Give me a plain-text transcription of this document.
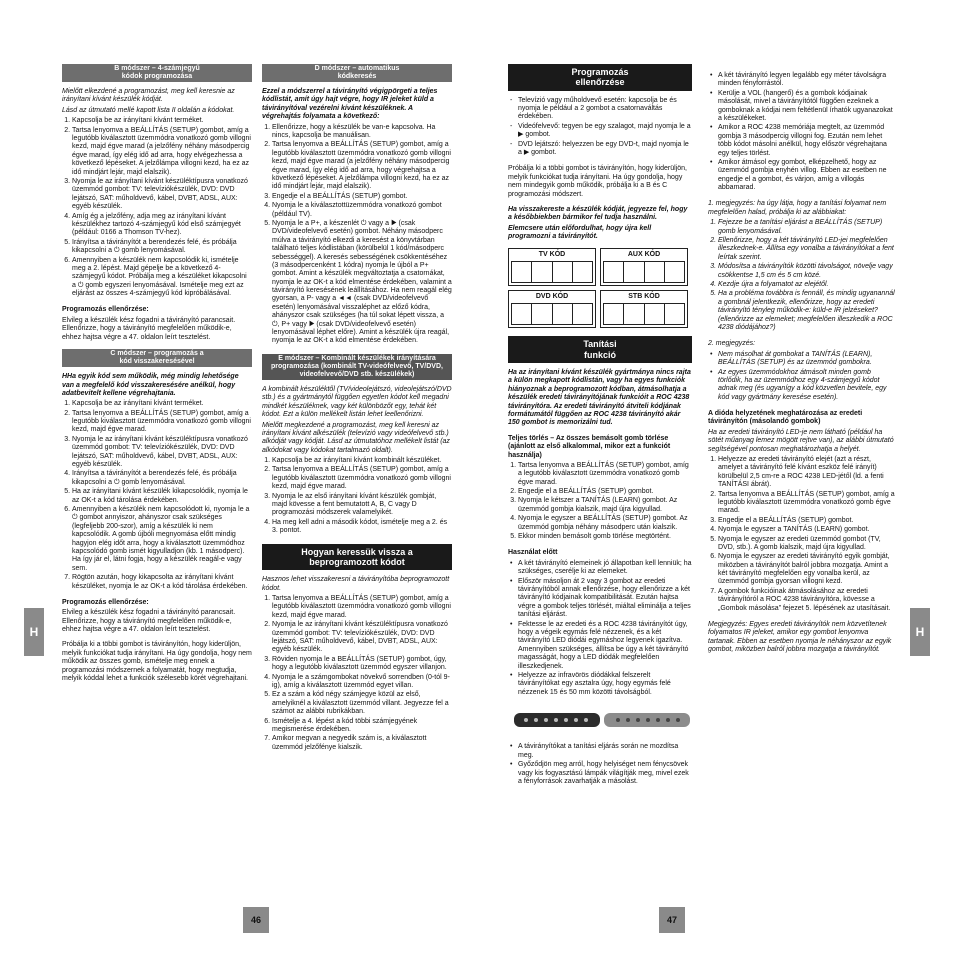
H	H
46	47
B módszer – 4-számjegyű
kódok programozása

Mielőtt elkezdené a programozást, meg kell keresnie az irányítani kívánt készülék kódját.

Lásd az útmutató mellé kapott lista II oldalán a kódokat.

1. Kapcsolja be az irányítani kívánt terméket.
2. Tartsa lenyomva a BEÁLLÍTÁS (SETUP) gombot, amíg a legutóbb kiválasztott üzemmódra vonatkozó gomb villogni kezd, majd égve marad (a jelzőfény néhány másodpercig égve marad, így elég idő ad arra, hogy elvégezhessa a következő lépéseket. A jelzőlámpa villogni kezd, ha ez az idő mindjárt lejár, majd elalszik).
3. Nyomja le az irányítani kívánt készüléktípusra vonatkozó üzemmód gombot: TV: televíziókészülék, DVD: DVD lejátszó, SAT: műholdvevő, kábel, DVBT, ADSL, AUX: egyéb készülék.
4. Amíg ég a jelzőfény, adja meg az irányítani kívánt készülékhez tartozó 4-számjegyű kód első számjegyét (például: 0166 a Thomson TV-hez).
5. Irányítsa a távirányítót a berendezés felé, és próbálja kikapcsolni a ⏻ gomb lenyomásával.
6. Amennyiben a készülék nem kapcsolódik ki, ismételje meg a 2. lépést. Majd gépelje be a következő 4-számjegyű kódot. Próbálja meg a készüléket kikapcsolni a ⏻ gomb egyszeri lenyomásával. Ismételje meg ezt az eljárást az összes 4-számjegyű kód kipróbálásával.

Programozás ellenőrzése:

Elvileg a készülék kész fogadni a távirányító parancsait. Ellenőrizze, hogy a távirányító megfelelően működik-e, ehhez hajtsa végre a 47. oldalon leírt tesztelést.

C módszer – programozás a
kód visszakeresésével

HHa egyik kód sem működik, még mindig lehetősége van a megfelelő kód visszakeresésére anélkül, hogy adatbevitelt kellene végrehajtania.

1. Kapcsolja be az irányítani kívánt terméket.
2. Tartsa lenyomva a BEÁLLÍTÁS (SETUP) gombot, amíg a legutóbb kiválasztott üzemmódra vonatkozó gomb villogni kezd, majd égve marad.
3. Nyomja le az irányítani kívánt készüléktípusra vonatkozó üzemmód gombot: TV: televíziókészülék, DVD: DVD lejátszó, SAT: műholdvevő, kábel, DVBT, ADSL, AUX: egyéb készülék.
4. Irányítsa a távirányítót a berendezés felé, és próbálja kikapcsolni a ⏻ gomb lenyomásával.
5. Ha az irányítani kívánt készülék kikapcsolódik, nyomja le az OK-t a kód tárolása érdekében.
6. Amennyiben a készülék nem kapcsolódott ki, nyomja le a ⏻ gombot annyiszor, ahányszor csak szükséges (legfeljebb 200-szor), amíg a készülék ki nem kapcsolódik. A gomb újbóli megnyomása előtt mindig hagyjon elég időt arra, hogy a kiválasztott üzemmódhoz kapcsolódó gomb ismét kigyulladjon (kb. 1 másodperc). Ha így jár el, látni fogja, hogy a készülék reagál-e vagy sem.
7. Rögtön azután, hogy kikapcsolta az irányítani kívánt készüléket, nyomja le az OK-t a kód tárolása érdekében.

Programozás ellenőrzése:

Elvileg a készülék kész fogadni a távirányító parancsait. Ellenőrizze, hogy a távirányító megfelelően működik-e, ehhez hajtsa végre a 47. oldalon leírt tesztelést.

Próbálja ki a többi gombot is távirányítón, hogy kiderüljön, melyik funkciókat tudja irányítani. Ha úgy gondolja, hogy nem működik az összes gomb, ismételje meg ennek a programozási módszernek a folyamatát, hogy megtudja, melyik kóddal lehet a funkciók szélesebb körét végrehajtani.

D módszer – automatikus
kódkeresés

Ezzel a módszerrel a távirányító végigpörgeti a teljes kódlistát, amít úgy hajt végre, hogy IR jeleket küld a távirányítóval vezérelni kívánt készüléknek. A végrehajtás folyamata a következő:

1. Ellenőrizze, hogy a készülék be van-e kapcsolva. Ha nincs, kapcsolja be manuálisan.
2. Tartsa lenyomva a BEÁLLÍTÁS (SETUP) gombot, amíg a legutóbb kiválasztott üzemmódra vonatkozó gomb villogni kezd, majd égve marad (a jelzőfény néhány másodpercig égve marad, így elég idő ad arra, hogy végrehajtsa a következő lépéseket. A jelzőlámpa villogni kezd, ha ez az idő mindjárt lejár, majd elalszik).
3. Engedje el a BEÁLLÍTÁS (SETUP) gombot.
4. Nyomja le a kiválasztottüzemmódra vonatkozó gombot (például TV).
5. Nyomja le a P+, a készenlét ⏻ vagy a ▶ (csak DVD/videofelvevő esetén) gombot. Néhány másodperc múlva a távirányító elkezdi a keresést a könyvtárban található teljes kódlistában (körülbelül 1 kód/másodperc sebességgel). A keresés sebességének csökkentéséhez (3 másodpercenként 1 kódra) nyomja le újból a P+ gombot. Amint a készülék megváltoztatja a csatornákat, nyomja le az OK-t a kód elmentése érdekében, valamint a távirányító keresésének leállításához. Ha nem reagál elég gyorsan, a P- vagy a ◄◄ (csak DVD/videofelvevő esetén) lenyomásával visszaléphet az előző kódra, ahányszor csak szükséges (ha túl sokat lépett vissza, a ⏻, P+ vagy ▶ (csak DVD/videofelvevő esetén) lenyomásával léphet előre). Amint a készülék újra reagál, nyomja le az OK-t a kód elmentése érdekében.
E módszer – Kombinált készülékek irányítására programozása (kombinált TV-videófelvevő, TV/DVD, videofelvevő/DVD stb. készülékek)

A kombinált készüléktől (TV/videolejátszó, videolejátszó/DVD stb.) és a gyártmánytól függően egyetlen kódot kell megadni mindkét készüléknek, vagy két különbözőt egy, tehát két kódot. Ezt a külön mellékelt listán lehet leellenőrizni.

Mielőtt megkezdené a programozást, meg kell keresni az irányítani kívánt alkészülék (televízió vagy videófelvevő stb.) alkódját vagy kódját. Lásd az útmutatóhoz mellékelt listát (az alkódokat vagy kódokat tartalmazó oldalt).

1. Kapcsolja be az irányítani kívánt kombinált készüléket.
2. Tartsa lenyomva a BEÁLLÍTÁS (SETUP) gombot, amíg a legutóbb kiválasztott üzemmódra vonatkozó gomb villogni kezd, majd égve marad.
3. Nyomja le az első irányítani kívánt készülék gombját, majd kövesse a fent bemutatott A, B, C vagy D programozási módszerek valamelyikét.
4. Ha meg kell adni a második kódot, ismételje meg a 2. és 3. pontot.
Hogyan keressük vissza a
beprogramozott kódot

Hasznos lehet visszakeresni a távirányítóba beprogramozott kódot.

1. Tartsa lenyomva a BEÁLLÍTÁS (SETUP) gombot, amíg a legutóbb kiválasztott üzemmódra vonatkozó gomb villogni kezd, majd égve marad.
2. Nyomja le az irányítani kívánt készüléktípusra vonatkozó üzemmód gombot: TV: televíziókészülék, DVD: DVD lejátszó, SAT: műholdvevő, kábel, DVBT, ADSL, AUX: egyéb készülék.
3. Röviden nyomja le a BEÁLLÍTÁS (SETUP) gombot, úgy, hogy a legutóbb kiválasztott üzemmód egyszer villanjon.
4. Nyomja le a számgombokat növekvő sorrendben (0-tól 9-ig), amíg a kiválasztott üzemmód egyet villan.
5. Ez a szám a kód négy számjegye közül az első, amelyiknél a kiválasztott üzemmód villant. Jegyezze fel a számot az alábbi rubrikákban.
6. Ismételje a 4. lépést a kód többi számjegyének megismerése érdekében.
7. Amikor megvan a negyedik szám is, a kiválasztott üzemmód jelzőfénye kialszik.
Programozás
ellenőrzése
- Televízió vagy műholdvevő esetén: kapcsolja be és nyomja le például a 2 gombot a csatornaváltás érdekében.
- Videófelvevő: tegyen be egy szalagot, majd nyomja le a ▶ gombot.
- DVD lejátszó: helyezzen be egy DVD-t, majd nyomja le a ▶ gombot.

Próbálja ki a többi gombot is távirányítón, hogy kiderüljön, melyik funkciókat tudja irányítani. Ha úgy gondolja, hogy nem mindegyik gomb működik, próbálja ki a B és C programozási módszert.

Ha visszakereste a készülék kódját, jegyezze fel, hogy a későbbiekben bármikor fel tudja használni.

Elemcsere után előfordulhat, hogy újra kell programozni a távirányítót.

TV KÓD	AUX KÓD
DVD KÓD	STB KÓD
Tanítási
funkció

Ha az irányítani kívánt készülék gyártmánya nincs rajta a külön megkapott kódlistán, vagy ha egyes funkciók hiányoznak a beprogramozott kódban, átmásolhatja a készülék eredeti távirányítójának funkcióit a ROC 4238 távirányítóra. Az eredeti távirányító átviteli kódjának formátumától függően az ROC 4238 távirányító akár 150 gombot is memorizálni tud.

Teljes törlés – Az összes bemásolt gomb törlése (ajánlott az első alkalommal, mikor ezt a funkciót használja)

1. Tartsa lenyomva a BEÁLLÍTÁS (SETUP) gombot, amíg a legutóbb kiválasztott üzemmódra vonatkozó gomb égve marad.
2. Engedje el a BEÁLLÍTÁS (SETUP) gombot.
3. Nyomja le kétszer a TANÍTÁS (LEARN) gombot. Az üzemmód gombja kialszik, majd újra kigyullad.
4. Nyomja le egyszer a BEÁLLÍTÁS (SETUP) gombot. Az üzemmód gombja néhány másodperc után kialszik.
5. Ekkor minden bemásolt gomb törlése megtörtént.

Használat előtt

• A két távirányító elemeinek jó állapotban kell lenniük; ha szükséges, cserélje ki az elemeket.
• Először másoljon át 2 vagy 3 gombot az eredeti távirányítóból annak ellenőrzése, hogy ellenőrizze a két távirányító kódjainak kompatibilitását. Ezután hajtsa végre a gombok teljes törlését, miáltal eliminálja a teljes tanítási eljárást.
• Fektesse le az eredeti és a ROC 4238 távirányítót úgy, hogy a végeik egymás felé nézzenek, és a két távirányító LED diódái egymáshoz legyenek igazítva. Amennyiben szükséges, állítsa be úgy a két távirányító magasságát, hogy a LED diódák megfelelően illeszkedjenek.
• Helyezze az infravörös diódákkal felszerelt távirányítókat egy asztalra úgy, hogy egymás felé nézzenek 15 és 50 mm közötti távolságból.
• A távirányítókat a tanítási eljárás során ne mozdítsa meg.
• Győződjön meg arról, hogy helyiséget nem fénycsövek vagy kis fogyasztású lámpák világítják meg, mivel ezek a fényforrások zavarhatják a másolást.
• A két távirányító legyen legalább egy méter távolságra minden fényforrástól.
• Kerülje a VOL (hangerő) és a gombok kódjainak másolását, mivel a távirányítótól függően ezeknek a gomboknak a kódjai nem feltétlenül írhatók ugyanazokat a készülékeket.
• Amikor a ROC 4238 memóriája megtelt, az üzemmód gombja 3 másodpercig villogni fog. Ezután nem lehet több kódot másolni anélkül, hogy először végrehajtana egy teljes törlést.
• Amikor átmásol egy gombot, elképzelhető, hogy az üzemmód gombja enyhén villog. Ebben az esetben ne engedje el a gombot, és várjon, amíg a villogás abbamarad.

1. megjegyzés: ha úgy látja, hogy a tanítási folyamat nem megfelelően halad, próbálja ki az alábbiakat:

1. Fejezze be a tanítási eljárást a BEÁLLÍTÁS (SETUP) gomb lenyomásával.
2. Ellenőrizze, hogy a két távirányító LED-jei megfelelően illeszkednek-e. Állítsa egy vonalba a távirányítókat a fent leírtak szerint.
3. Módosítsa a távirányítók közötti távolságot, növelje vagy csökkentse 1,5 cm és 5 cm közé.
4. Kezdje újra a folyamatot az elejétől.
5. Ha a probléma továbbra is fennáll, és mindig ugyanannál a gombnál jelentkezik, ellenőrizze, hogy az eredeti távirányító tényleg működik-e: küld-e IR jelzéseket? (ellenőrizze az elemeket; megfelelően illeszkedik a ROC 4238 diódájához?)

2. megjegyzés:

• Nem másolhat át gombokat a TANÍTÁS (LEARN), BEÁLLÍTÁS (SETUP) és az üzemmód gombokra.
• Az egyes üzemmódokhoz átmásolt minden gomb törlődik, ha az üzemmódhoz egy 4-számjegyű kódot adnak meg (és ugyanígy a kód közvetlen bevitele, egy kód vagy gyártmány keresése esetén).

A dióda helyzetének meghatározása az eredeti távirányítón (másolandó gombok)

Ha az eredeti távirányító LED-je nem látható (például ha sötét műanyag lemez mögött rejtve van), az alábbi útmutató segítségével pontosan meghatározhatja a helyét.

1. Helyezze az eredeti távirányító elejét (azt a részt, amelyet a távirányító felé kívánt eszköz felé irányít) körülbelül 2,5 cm-re a ROC 4238 LED-jétől (ld. a fenti TANÍTÁSI ábrát).
2. Tartsa lenyomva a BEÁLLÍTÁS (SETUP) gombot, amíg a legutóbb kiválasztott üzemmódra vonatkozó gomb égve marad.
3. Engedje el a BEÁLLÍTÁS (SETUP) gombot.
4. Nyomja le egyszer a TANÍTÁS (LEARN) gombot.
5. Nyomja le egyszer az eredeti üzemmód gombot (TV, DVD, stb.). A gomb kialszik, majd újra kigyullad.
6. Nyomja le egyszer az eredeti távirányító egyik gombját, miközben a távirányítót balról jobbra mozgatja. Amint a két távirányító megfelelően egy vonalba kerül, az üzemmód gombja gyorsan villogni kezd.
7. A gombok funkcióinak átmásolásához az eredeti távirányítóról a ROC 4238 távirányítóra, kövesse a „Gombok másolása” fejezet 5. lépésének az utasításait.

Megjegyzés: Egyes eredeti távirányítók nem közvetítenek folyamatos IR jeleket, amikor egy gombot lenyomva tartanak. Ebben az esetben nyomja le néhányszor az egyik gombot, miközben balról jobbra mozgatja a távirányítót.
